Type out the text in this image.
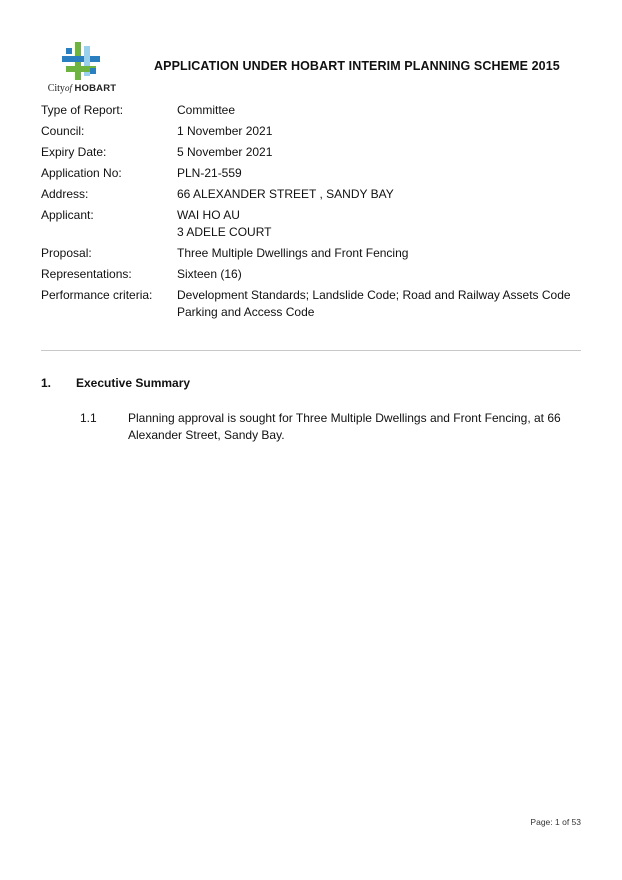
Cityof HOBART
APPLICATION UNDER HOBART INTERIM PLANNING SCHEME 2015
Type of Report:	Committee
Council:	1 November 2021
Expiry Date:	5 November 2021
Application No:	PLN-21-559
Address:	66 ALEXANDER STREET , SANDY BAY
Applicant:	WAI HO AU
3 ADELE COURT
Proposal:	Three Multiple Dwellings and Front Fencing
Representations:	Sixteen (16)
Performance criteria:	Development Standards; Landslide Code; Road and Railway Assets Code
Parking and Access Code
1. Executive Summary
1.1	Planning approval is sought for Three Multiple Dwellings and Front Fencing, at 66 Alexander Street, Sandy Bay.
Page: 1 of 53
